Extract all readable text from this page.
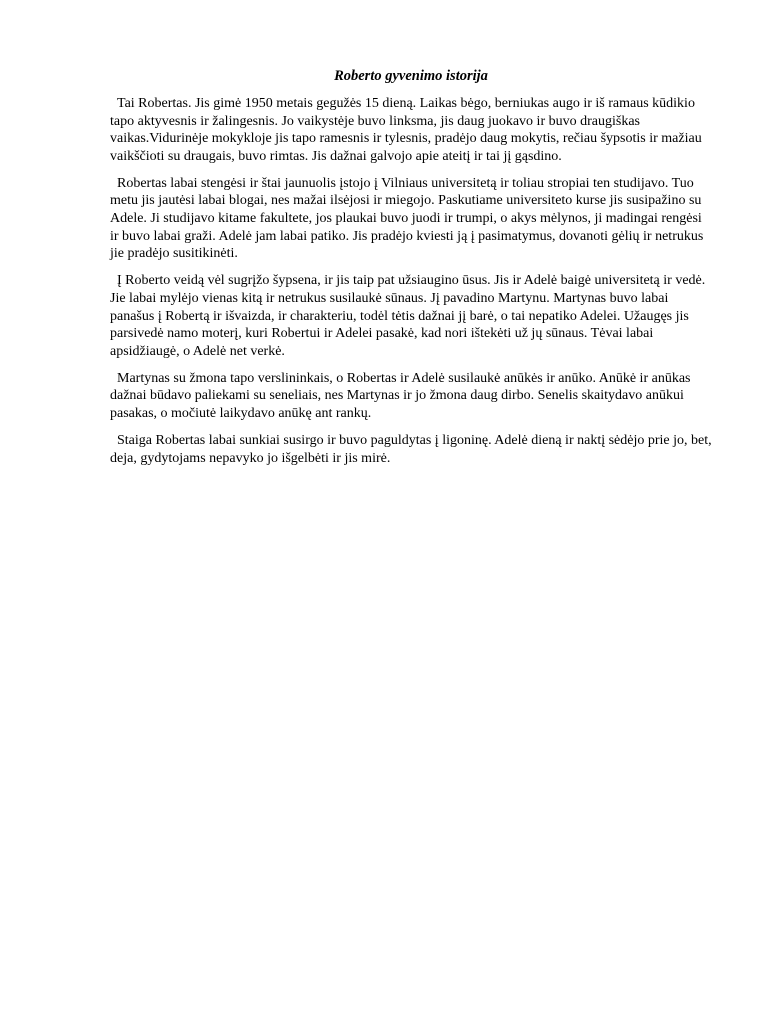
Roberto gyvenimo istorija

Tai Robertas. Jis gimė 1950 metais gegužės 15 dieną. Laikas bėgo, berniukas augo ir iš ramaus kūdikio tapo aktyvesnis ir žalingesnis. Jo vaikystėje buvo linksma, jis daug juokavo ir buvo draugiškas vaikas.Vidurinėje mokykloje jis tapo ramesnis ir tylesnis, pradėjo daug mokytis, rečiau šypsotis ir mažiau vaikščioti su draugais, buvo rimtas. Jis dažnai galvojo apie ateitį ir tai jį gąsdino.

Robertas labai stengėsi ir štai jaunuolis įstojo į Vilniaus universitetą ir toliau stropiai ten studijavo. Tuo metu jis jautėsi labai blogai, nes mažai ilsėjosi ir miegojo. Paskutiame universiteto kurse jis susipažino su Adele. Ji studijavo kitame fakultete, jos plaukai buvo juodi ir trumpi, o akys mėlynos, ji madingai rengėsi ir buvo labai graži. Adelė jam labai patiko. Jis pradėjo kviesti ją į pasimatymus, dovanoti gėlių ir netrukus jie pradėjo susitikinėti.

Į Roberto veidą vėl sugrįžo šypsena, ir jis taip pat užsiaugino ūsus. Jis ir Adelė baigė universitetą ir vedė. Jie labai mylėjo vienas kitą ir netrukus susilaukė sūnaus. Jį pavadino Martynu. Martynas buvo labai panašus į Robertą ir išvaizda, ir charakteriu, todėl tėtis dažnai jį barė, o tai nepatiko Adelei. Užaugęs jis parsivedė namo moterį, kuri Robertui ir Adelei pasakė, kad nori ištekėti už jų sūnaus. Tėvai labai apsidžiaugė, o Adelė net verkė.

Martynas su žmona tapo verslininkais, o Robertas ir Adelė susilaukė anūkės ir anūko. Anūkė ir anūkas dažnai būdavo paliekami su seneliais, nes Martynas ir jo žmona daug dirbo. Senelis skaitydavo anūkui pasakas, o močiutė laikydavo anūkę ant rankų.

Staiga Robertas labai sunkiai susirgo ir buvo paguldytas į ligoninę. Adelė dieną ir naktį sėdėjo prie jo, bet, deja, gydytojams nepavyko jo išgelbėti ir jis mirė.
